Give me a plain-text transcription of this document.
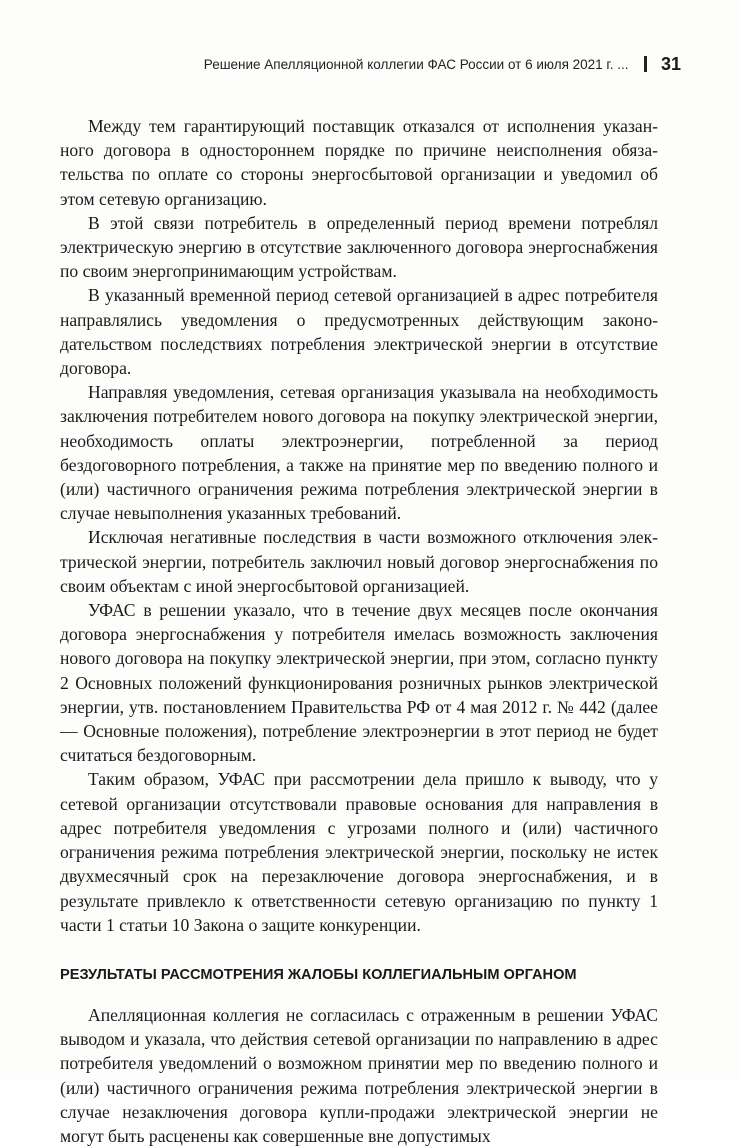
Решение Апелляционной коллегии ФАС России от 6 июля 2021 г. ... 31

Между тем гарантирующий поставщик отказался от исполнения указанного договора в одностороннем порядке по причине неисполнения обязательства по оплате со стороны энергосбытовой организации и уведомил об этом сетевую организацию.

В этой связи потребитель в определенный период времени потреблял электрическую энергию в отсутствие заключенного договора энергоснабжения по своим энергопринимающим устройствам.

В указанный временной период сетевой организацией в адрес потребителя направлялись уведомления о предусмотренных действующим законодательством последствиях потребления электрической энергии в отсутствие договора.

Направляя уведомления, сетевая организация указывала на необходимость заключения потребителем нового договора на покупку электрической энергии, необходимость оплаты электроэнергии, потребленной за период бездоговорного потребления, а также на принятие мер по введению полного и (или) частичного ограничения режима потребления электрической энергии в случае невыполнения указанных требований.

Исключая негативные последствия в части возможного отключения электрической энергии, потребитель заключил новый договор энергоснабжения по своим объектам с иной энергосбытовой организацией.

УФАС в решении указало, что в течение двух месяцев после окончания договора энергоснабжения у потребителя имелась возможность заключения нового договора на покупку электрической энергии, при этом, согласно пункту 2 Основных положений функционирования розничных рынков электрической энергии, утв. постановлением Правительства РФ от 4 мая 2012 г. № 442 (далее — Основные положения), потребление электроэнергии в этот период не будет считаться бездоговорным.

Таким образом, УФАС при рассмотрении дела пришло к выводу, что у сетевой организации отсутствовали правовые основания для направления в адрес потребителя уведомления с угрозами полного и (или) частичного ограничения режима потребления электрической энергии, поскольку не истек двухмесячный срок на перезаключение договора энергоснабжения, и в результате привлекло к ответственности сетевую организацию по пункту 1 части 1 статьи 10 Закона о защите конкуренции.

РЕЗУЛЬТАТЫ РАССМОТРЕНИЯ ЖАЛОБЫ КОЛЛЕГИАЛЬНЫМ ОРГАНОМ

Апелляционная коллегия не согласилась с отраженным в решении УФАС выводом и указала, что действия сетевой организации по направлению в адрес потребителя уведомлений о возможном принятии мер по введению полного и (или) частичного ограничения режима потребления электрической энергии в случае незаключения договора купли-продажи электрической энергии не могут быть расценены как совершенные вне допустимых
